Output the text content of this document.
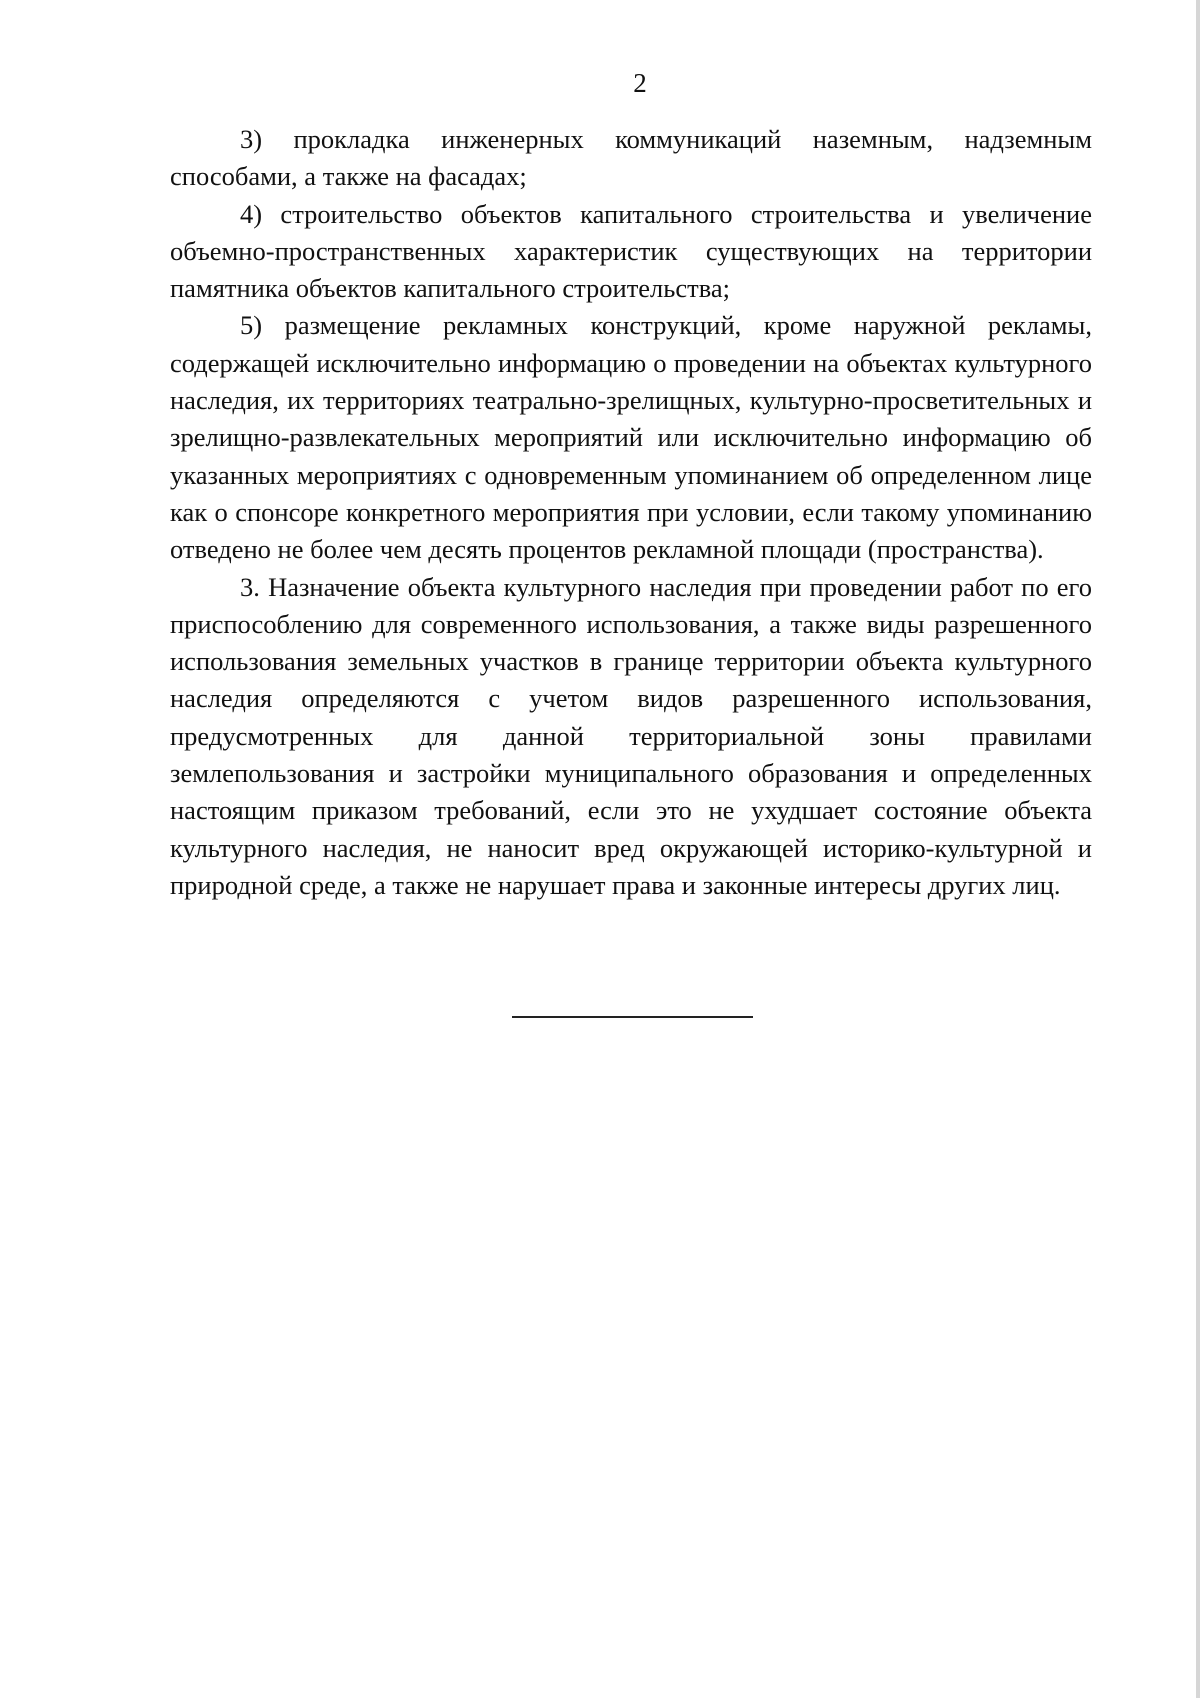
2

3) прокладка инженерных коммуникаций наземным, надземным способами, а также на фасадах;

4) строительство объектов капитального строительства и увеличение объемно-пространственных характеристик существующих на территории памятника объектов капитального строительства;

5) размещение рекламных конструкций, кроме наружной рекламы, содержащей исключительно информацию о проведении на объектах культурного наследия, их территориях театрально-зрелищных, культурно-просветительных и зрелищно-развлекательных мероприятий или исключительно информацию об указанных мероприятиях с одновременным упоминанием об определенном лице как о спонсоре конкретного мероприятия при условии, если такому упоминанию отведено не более чем десять процентов рекламной площади (пространства).

3. Назначение объекта культурного наследия при проведении работ по его приспособлению для современного использования, а также виды разрешенного использования земельных участков в границе территории объекта культурного наследия определяются с учетом видов разрешенного использования, предусмотренных для данной территориальной зоны правилами землепользования и застройки муниципального образования и определенных настоящим приказом требований, если это не ухудшает состояние объекта культурного наследия, не наносит вред окружающей историко-культурной и природной среде, а также не нарушает права и законные интересы других лиц.
